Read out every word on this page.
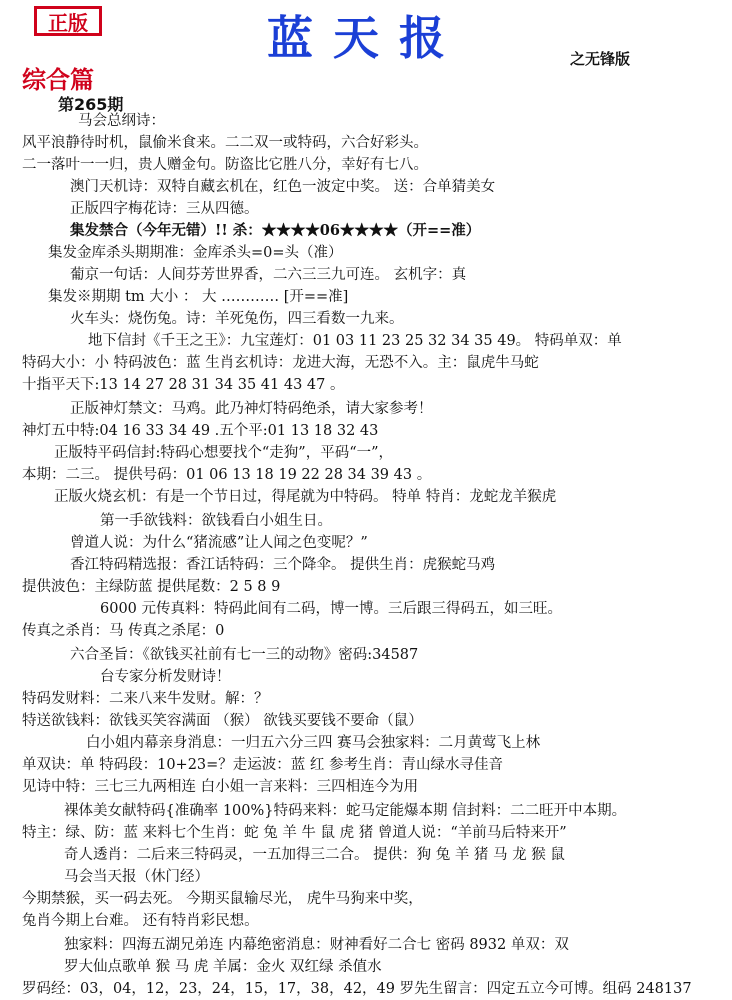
正版	蓝天报	之无锋版
综合篇
第265期
马会总纲诗：
风平浪静待时机，鼠偷米食来。二二双一或特码，六合好彩头。
二一落叶一一归，贵人赠金句。防盗比它胜八分，幸好有七八。
澳门天机诗：双特自藏玄机在，红色一波定中奖。 送：合单猜美女
正版四字梅花诗：三从四德。
集发禁合（今年无错）!! 杀：★★★★06★★★★（开==准）
集发金库杀头期期准：金库杀头=0=头（准）
葡京一句话：人间芬芳世界香，二六三三九可连。 玄机字：真
集发※期期 tm 大小 ： 大 ………… [开==准]
火车头：烧伤兔。诗：羊死兔伤，四三看数一九来。
地下信封《千王之王》：九宝莲灯：01 03 11 23 25 32 34 35 49。 特码单双：单
特码大小：小 特码波色：蓝 生肖玄机诗：龙进大海，无恐不入。主：鼠虎牛马蛇
十指平天下:13 14 27 28 31 34 35 41 43 47 。
正版神灯禁文：马鸡。此乃神灯特码绝杀，请大家参考！
神灯五中特:04 16 33 34 49 .五个平:01 13 18 32 43
正版特平码信封:特码心想要找个“走狗”，平码“一”，
本期：二三。 提供号码：01 06 13 18 19 22 28 34 39 43 。
正版火烧玄机：有是一个节日过，得尾就为中特码。 特单 特肖：龙蛇龙羊猴虎
第一手欲钱料：欲钱看白小姐生日。
曾道人说：为什么“猪流感”让人闻之色变呢？”
香江特码精选报：香江话特码：三个降伞。 提供生肖：虎猴蛇马鸡
提供波色：主绿防蓝 提供尾数：2 5 8 9
6000 元传真料：特码此间有二码，博一博。三后跟三得码五，如三旺。
传真之杀肖：马 传真之杀尾：0
六合圣旨：《欲钱买社前有七一三的动物》密码:34587
台专家分析发财诗！
特码发财料：二来八来牛发财。解：？
特送欲钱料：欲钱买笑容满面 （猴） 欲钱买要钱不要命（鼠）
白小姐内幕亲身消息：一归五六分三四 赛马会独家料：二月黄莺飞上林
单双诀：单 特码段：10+23=？走运波：蓝 红 参考生肖：青山绿水寻佳音
见诗中特：三七三九两相连 白小姐一言来料：三四相连今为用
裸体美女献特码{准确率 100%}特码来料：蛇马定能爆本期 信封料：二二旺开中本期。
特主：绿、防：蓝 来料七个生肖：蛇 兔 羊 牛 鼠 虎 猪 曾道人说：“羊前马后特来开”
奇人透肖：二后来三特码灵，一五加得三二合。 提供：狗 兔 羊 猪 马 龙 猴 鼠
马会当天报（休门经）
今期禁猴，买一码去死。 今期买鼠输尽光， 虎牛马狗来中奖，
兔肖今期上台难。 还有特肖彩民想。
独家料：四海五湖兄弟连 内幕绝密消息：财神看好二合七 密码 8932 单双：双
罗大仙点歌单 猴 马 虎 羊属：金火 双红绿 杀值水
罗码经：03，04，12，23，24，15，17，38，42，49 罗先生留言：四定五立今可博。组码 248137
